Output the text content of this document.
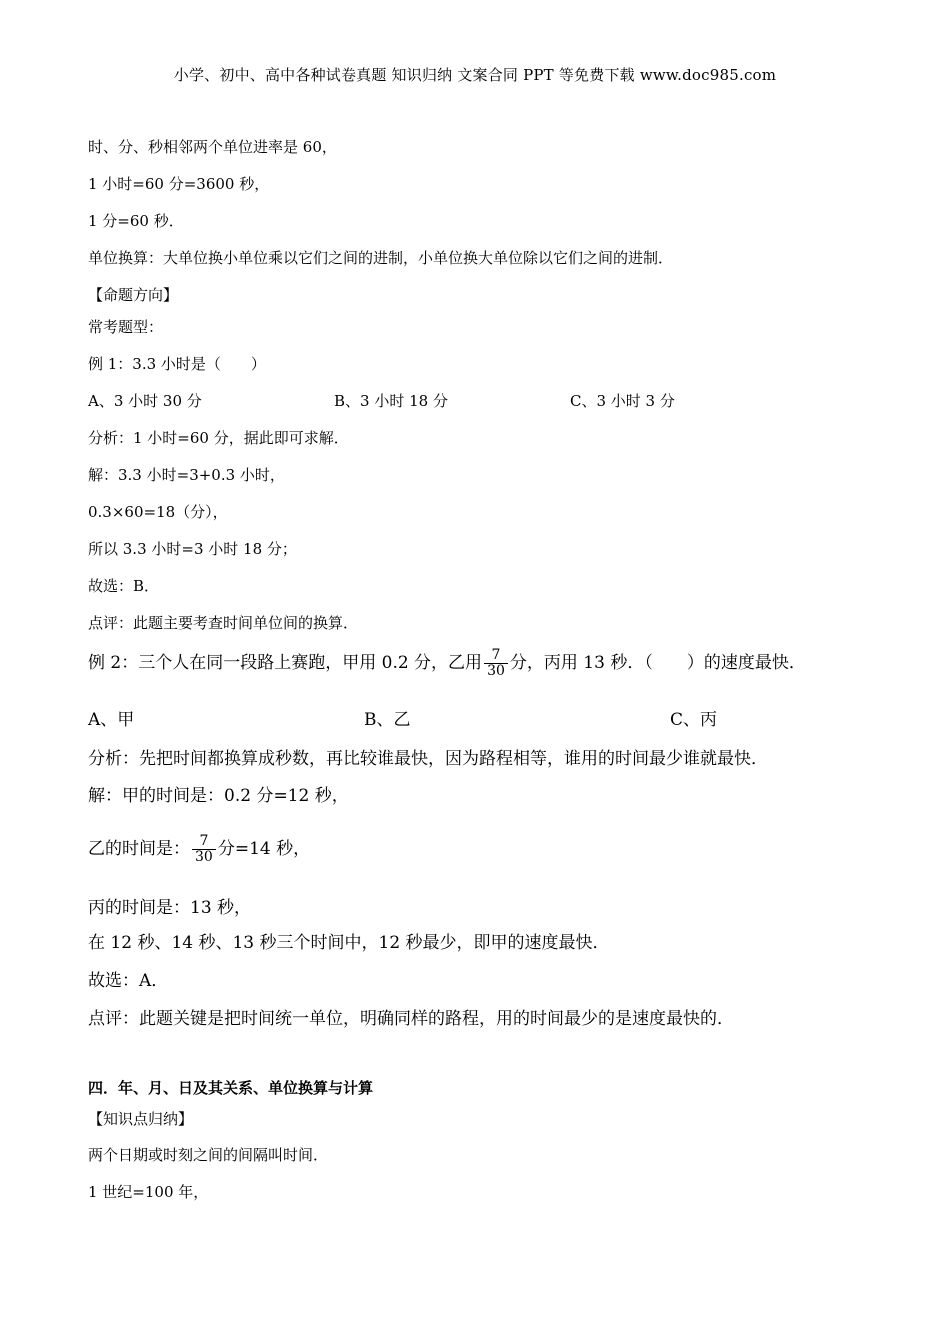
小学、初中、高中各种试卷真题 知识归纳 文案合同 PPT 等免费下载 www.doc985.com
时、分、秒相邻两个单位进率是 60，
1 小时=60 分=3600 秒，
1 分=60 秒．
单位换算：大单位换小单位乘以它们之间的进制，小单位换大单位除以它们之间的进制．
【命题方向】
常考题型：
例 1：3.3 小时是（　　）
A、3 小时 30 分	B、3 小时 18 分	C、3 小时 3 分
分析：1 小时=60 分，据此即可求解．
解：3.3 小时=3+0.3 小时，
0.3×60=18（分），
所以 3.3 小时=3 小时 18 分；
故选：B．
点评：此题主要考查时间单位间的换算．
例 2：三个人在同一段路上赛跑，甲用 0.2 分，乙用 $\frac{7}{30}$ 分，丙用 13 秒．（　　）的速度最快．
A、甲	B、乙	C、丙
分析：先把时间都换算成秒数，再比较谁最快，因为路程相等，谁用的时间最少谁就最快．
解：甲的时间是：0.2 分=12 秒，
乙的时间是： $\frac{7}{30}$ 分=14 秒，
丙的时间是：13 秒，
在 12 秒、14 秒、13 秒三个时间中，12 秒最少，即甲的速度最快．
故选：A．
点评：此题关键是把时间统一单位，明确同样的路程，用的时间最少的是速度最快的．
四．年、月、日及其关系、单位换算与计算
【知识点归纳】
两个日期或时刻之间的间隔叫时间．
1 世纪=100 年，
